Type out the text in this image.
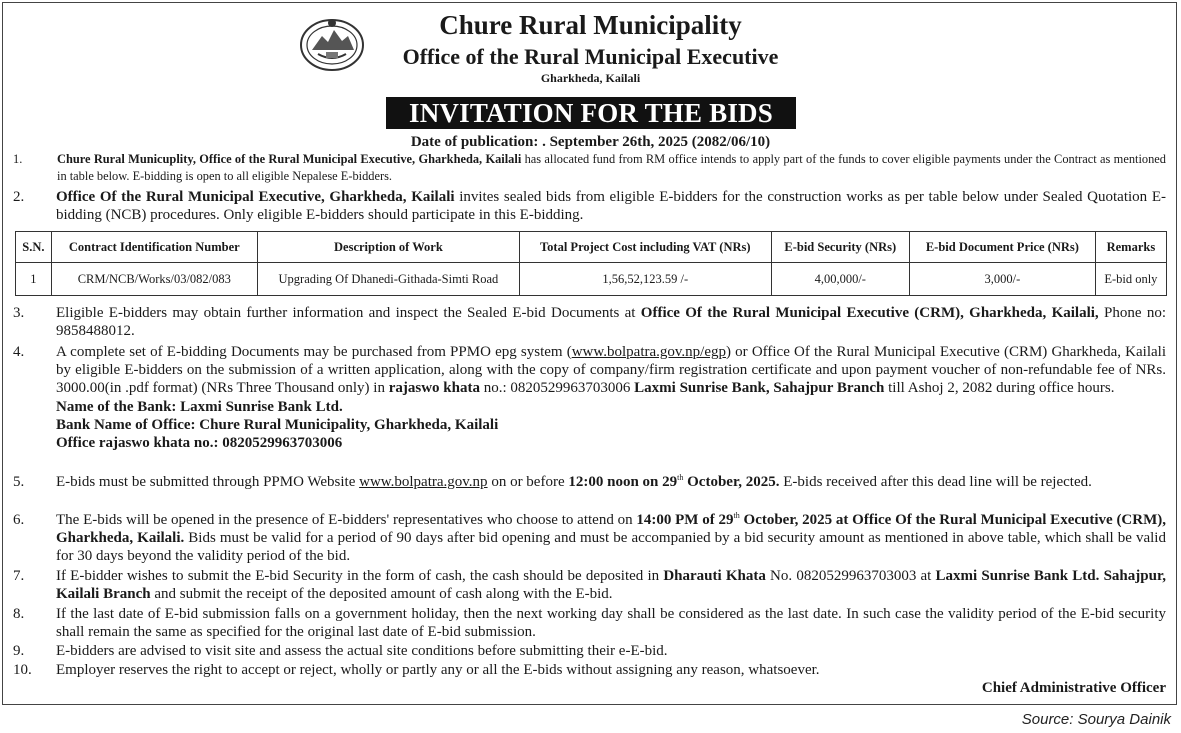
Chure Rural Municipality
Office of the Rural Municipal Executive
Gharkheda, Kailali
INVITATION FOR THE BIDS
Date of publication: . September 26th, 2025 (2082/06/10)
1.	Chure Rural Municuplity, Office of the Rural Municipal Executive, Gharkheda, Kailali has allocated fund from RM office intends to apply part of the funds to cover eligible payments under the Contract as mentioned in table below. E-bidding is open to all eligible Nepalese E-bidders.
2.	Office Of the Rural Municipal Executive, Gharkheda, Kailali invites sealed bids from eligible E-bidders for the construction works as per table below under Sealed Quotation E-bidding (NCB) procedures. Only eligible E-bidders should participate in this E-bidding.
S.N.	Contract Identification Number	Description of Work	Total Project Cost including VAT (NRs)	E-bid Security (NRs)	E-bid Document Price (NRs)	Remarks
1	CRM/NCB/Works/03/082/083	Upgrading Of Dhanedi-Githada-Simti Road	1,56,52,123.59 /-	4,00,000/-	3,000/-	E-bid only
3.	Eligible E-bidders may obtain further information and inspect the Sealed E-bid Documents at Office Of the Rural Municipal Executive (CRM), Gharkheda, Kailali, Phone no: 9858488012.
4.	A complete set of E-bidding Documents may be purchased from PPMO epg system (www.bolpatra.gov.np/egp) or Office Of the Rural Municipal Executive (CRM) Gharkheda, Kailali by eligible E-bidders on the submission of a written application, along with the copy of company/firm registration certificate and upon payment voucher of non-refundable fee of NRs. 3000.00(in .pdf format) (NRs Three Thousand only) in rajaswo khata no.: 0820529963703006 Laxmi Sunrise Bank, Sahajpur Branch till Ashoj 2, 2082 during office hours.
Name of the Bank: Laxmi Sunrise Bank Ltd.
Bank Name of Office: Chure Rural Municipality, Gharkheda, Kailali
Office rajaswo khata no.: 0820529963703006
5.	E-bids must be submitted through PPMO Website www.bolpatra.gov.np on or before 12:00 noon on 29th October, 2025. E-bids received after this dead line will be rejected.
6.	The E-bids will be opened in the presence of E-bidders' representatives who choose to attend on 14:00 PM of 29th October, 2025 at Office Of the Rural Municipal Executive (CRM), Gharkheda, Kailali. Bids must be valid for a period of 90 days after bid opening and must be accompanied by a bid security amount as mentioned in above table, which shall be valid for 30 days beyond the validity period of the bid.
7.	If E-bidder wishes to submit the E-bid Security in the form of cash, the cash should be deposited in Dharauti Khata No. 0820529963703003 at Laxmi Sunrise Bank Ltd. Sahajpur, Kailali Branch and submit the receipt of the deposited amount of cash along with the E-bid.
8.	If the last date of E-bid submission falls on a government holiday, then the next working day shall be considered as the last date. In such case the validity period of the E-bid security shall remain the same as specified for the original last date of E-bid submission.
9.	E-bidders are advised to visit site and assess the actual site conditions before submitting their e-E-bid.
10.	Employer reserves the right to accept or reject, wholly or partly any or all the E-bids without assigning any reason, whatsoever.
Chief Administrative Officer
Source: Sourya Dainik
